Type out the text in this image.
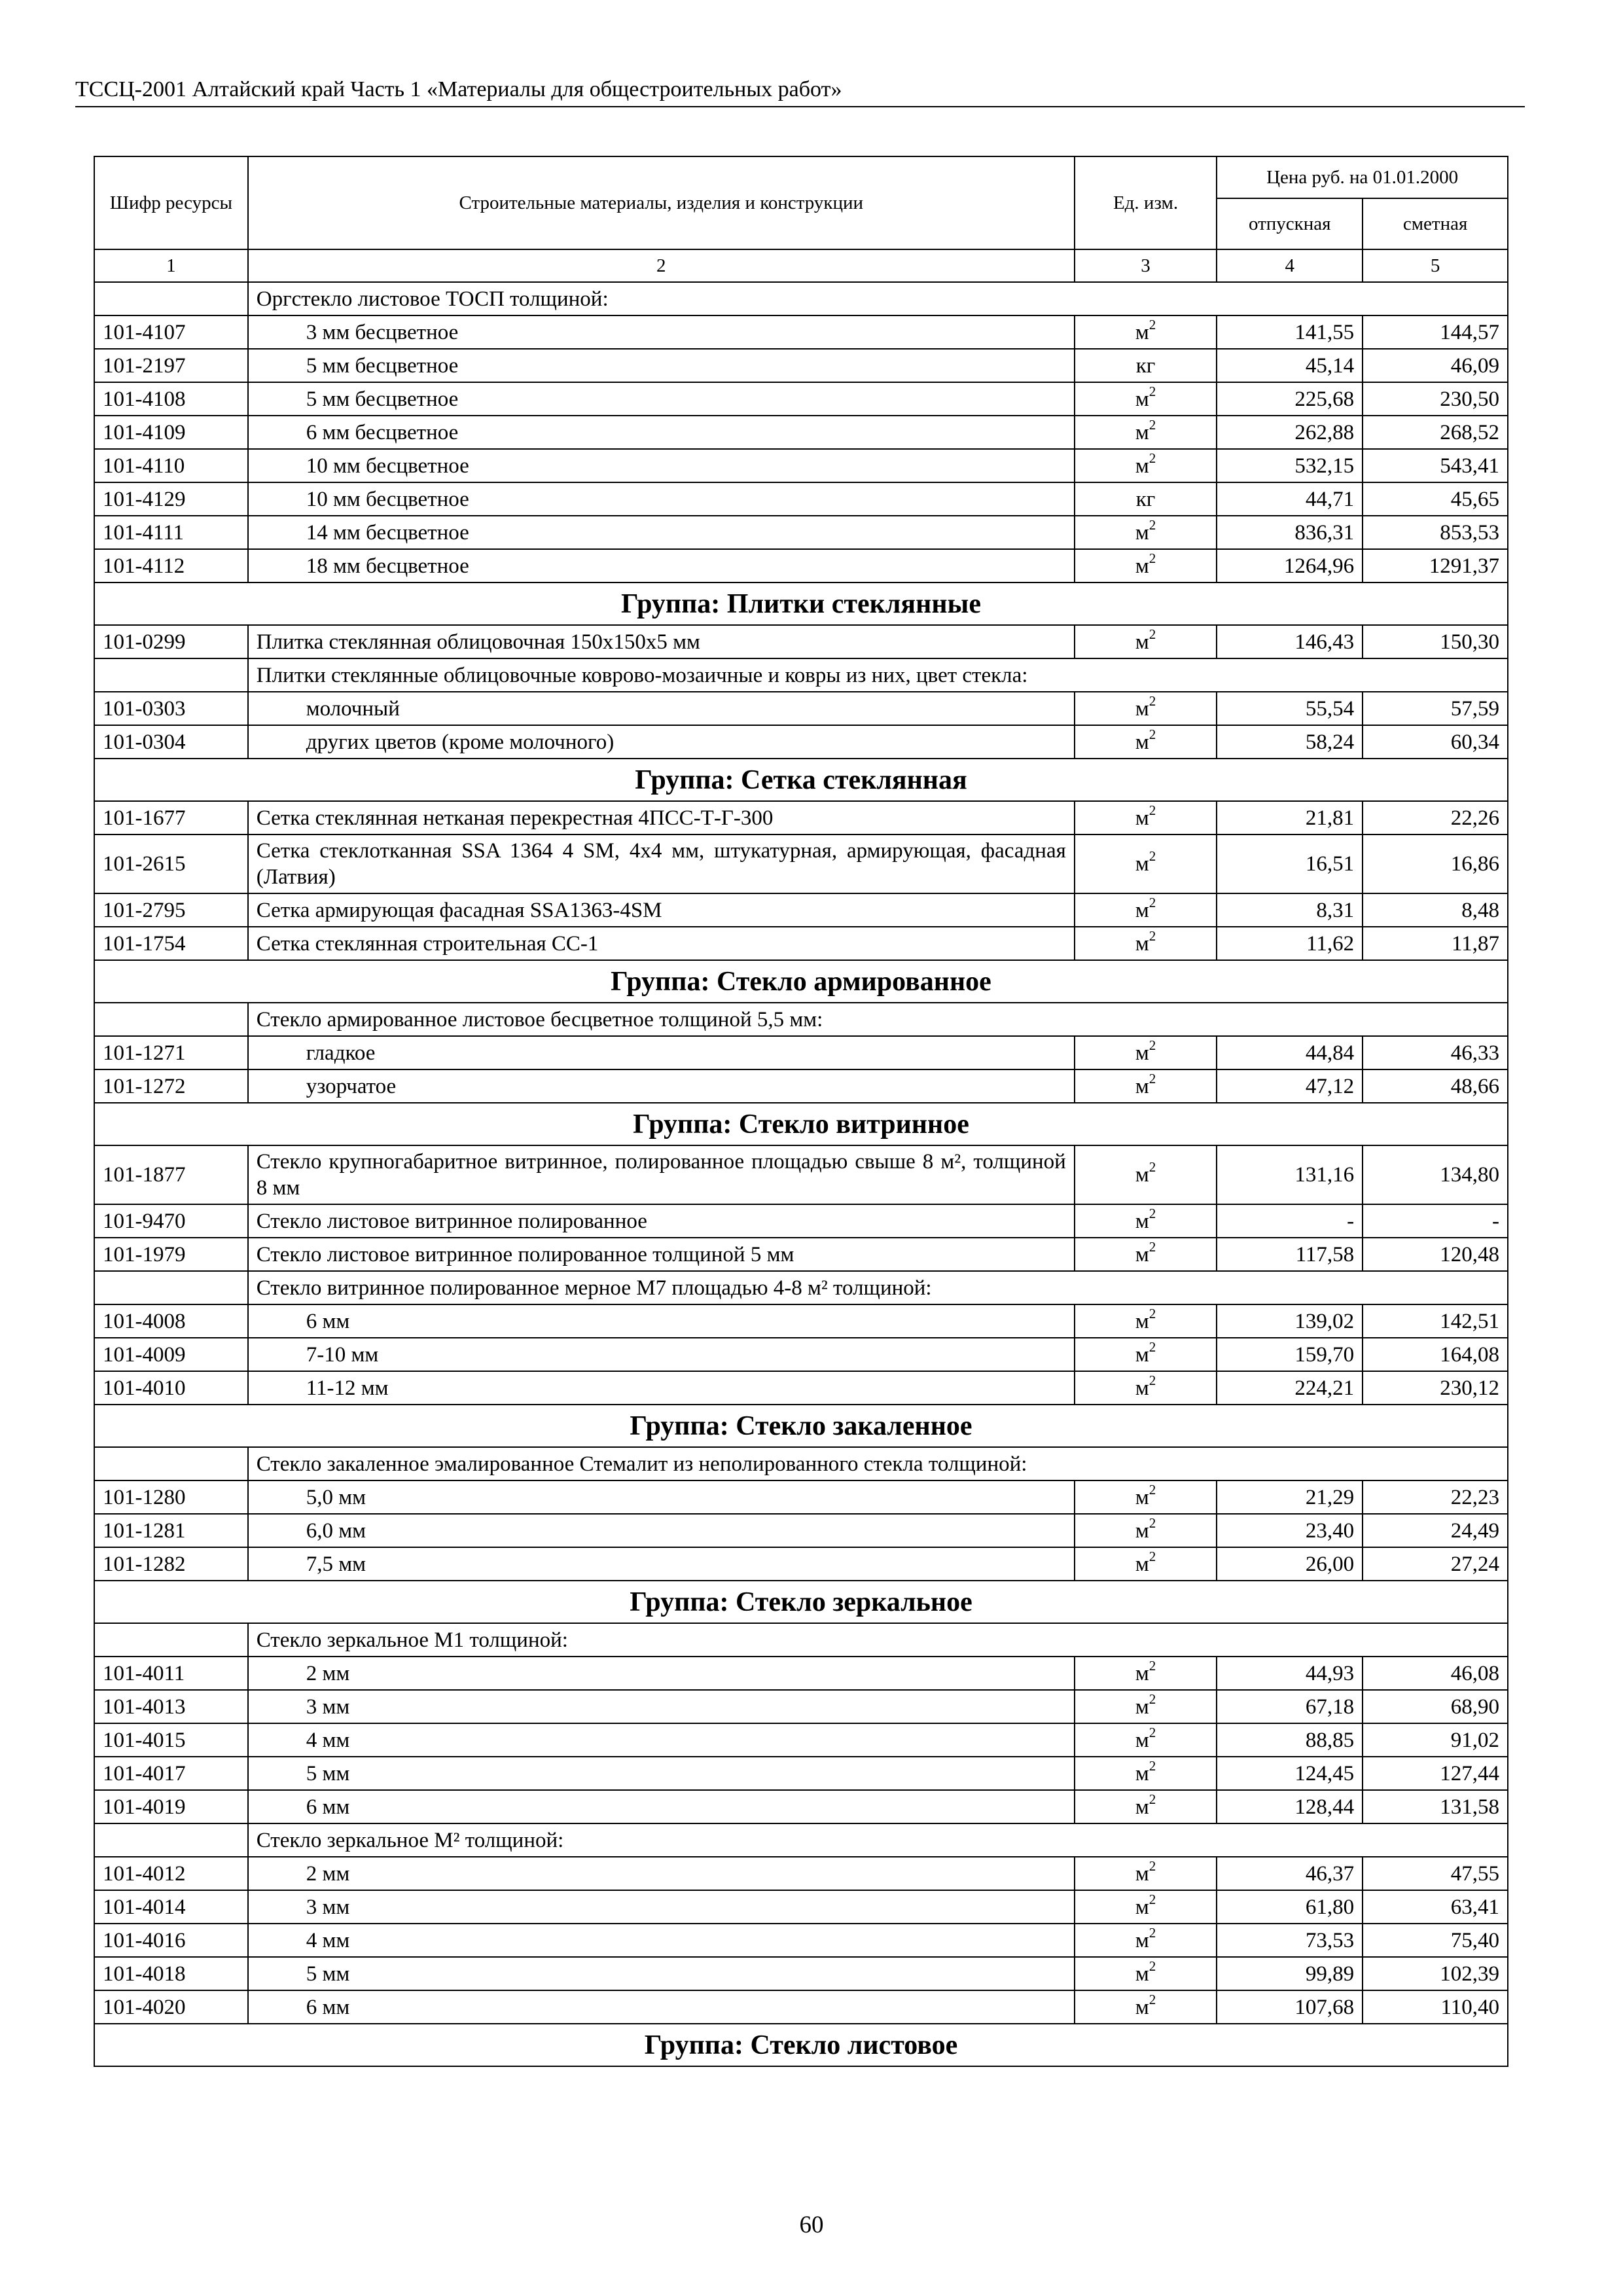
ТССЦ-2001 Алтайский край Часть 1 «Материалы для общестроительных работ»
Шифр ресурсы	Строительные материалы, изделия и конструкции	Ед. изм.	Цена руб. на 01.01.2000	
			отпускная	сметная
1	2	3	4	5
	Оргстекло листовое ТОСП толщиной:			
101-4107	3 мм бесцветное	$м^2$	141,55	144,57
101-2197	5 мм бесцветное	кг	45,14	46,09
101-4108	5 мм бесцветное	$м^2$	225,68	230,50
101-4109	6 мм бесцветное	$м^2$	262,88	268,52
101-4110	10 мм бесцветное	$м^2$	532,15	543,41
101-4129	10 мм бесцветное	кг	44,71	45,65
101-4111	14 мм бесцветное	$м^2$	836,31	853,53
101-4112	18 мм бесцветное	$м^2$	1264,96	1291,37
Группа: Плитки стеклянные				
101-0299	Плитка стеклянная облицовочная 150х150х5 мм	$м^2$	146,43	150,30
	Плитки стеклянные облицовочные ковровo-мозаичные и ковры из них, цвет стекла:			
101-0303	молочный	$м^2$	55,54	57,59
101-0304	других цветов (кроме молочного)	$м^2$	58,24	60,34
Группа: Сетка стеклянная				
101-1677	Сетка стеклянная нетканая перекрестная 4ПСС-Т-Г-300	$м^2$	21,81	22,26
101-2615	Сетка стеклотканная SSA 1364 4 SM, 4х4 мм, штукатурная, армирующая, фасадная (Латвия)	$м^2$	16,51	16,86
101-2795	Сетка армирующая фасадная SSA1363-4SM	$м^2$	8,31	8,48
101-1754	Сетка стеклянная строительная СС-1	$м^2$	11,62	11,87
Группа: Стекло армированное				
	Стекло армированное листовое бесцветное толщиной 5,5 мм:			
101-1271	гладкое	$м^2$	44,84	46,33
101-1272	узорчатое	$м^2$	47,12	48,66
Группа: Стекло витринное				
101-1877	Стекло крупногабаритное витринное, полированное площадью свыше 8 м², толщиной 8 мм	$м^2$	131,16	134,80
101-9470	Стекло листовое витринное полированное	$м^2$	-	-
101-1979	Стекло листовое витринное полированное толщиной 5 мм	$м^2$	117,58	120,48
	Стекло витринное полированное мерное М7 площадью 4-8 м² толщиной:			
101-4008	6 мм	$м^2$	139,02	142,51
101-4009	7-10 мм	$м^2$	159,70	164,08
101-4010	11-12 мм	$м^2$	224,21	230,12
Группа: Стекло закаленное				
	Стекло закаленное эмалированное Стемалит из неполированного стекла толщиной:			
101-1280	5,0 мм	$м^2$	21,29	22,23
101-1281	6,0 мм	$м^2$	23,40	24,49
101-1282	7,5 мм	$м^2$	26,00	27,24
Группа: Стекло зеркальное				
	Стекло зеркальное М1 толщиной:			
101-4011	2 мм	$м^2$	44,93	46,08
101-4013	3 мм	$м^2$	67,18	68,90
101-4015	4 мм	$м^2$	88,85	91,02
101-4017	5 мм	$м^2$	124,45	127,44
101-4019	6 мм	$м^2$	128,44	131,58
	Стекло зеркальное М² толщиной:			
101-4012	2 мм	$м^2$	46,37	47,55
101-4014	3 мм	$м^2$	61,80	63,41
101-4016	4 мм	$м^2$	73,53	75,40
101-4018	5 мм	$м^2$	99,89	102,39
101-4020	6 мм	$м^2$	107,68	110,40
Группа: Стекло листовое				
60
